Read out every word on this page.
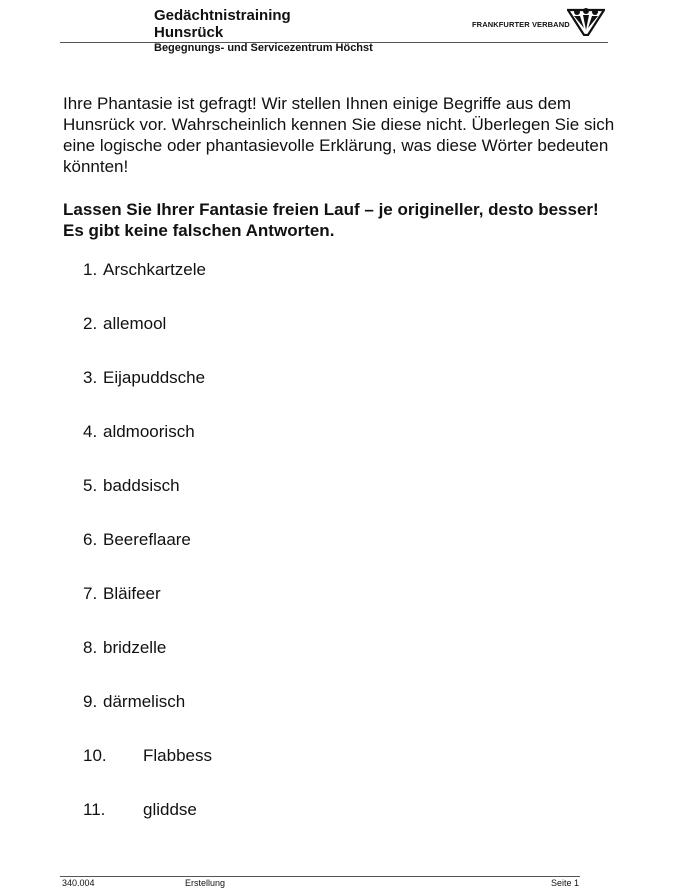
Gedächtnistraining
Hunsrück
Begegnungs- und Servicezentrum Höchst
FRANKFURTER VERBAND
Ihre Phantasie ist gefragt! Wir stellen Ihnen einige Begriffe aus dem Hunsrück vor. Wahrscheinlich kennen Sie diese nicht. Überlegen Sie sich eine logische oder phantasievolle Erklärung, was diese Wörter bedeuten könnten!
Lassen Sie Ihrer Fantasie freien Lauf – je origineller, desto besser! Es gibt keine falschen Antworten.
1. Arschkartzele
2. allemool
3. Eijapuddsche
4. aldmoorisch
5. baddsisch
6. Beereflaare
7. Bläifeer
8. bridzelle
9. därmelisch
10. Flabbess
11. gliddse
340.004	Erstellung	Seite 1
